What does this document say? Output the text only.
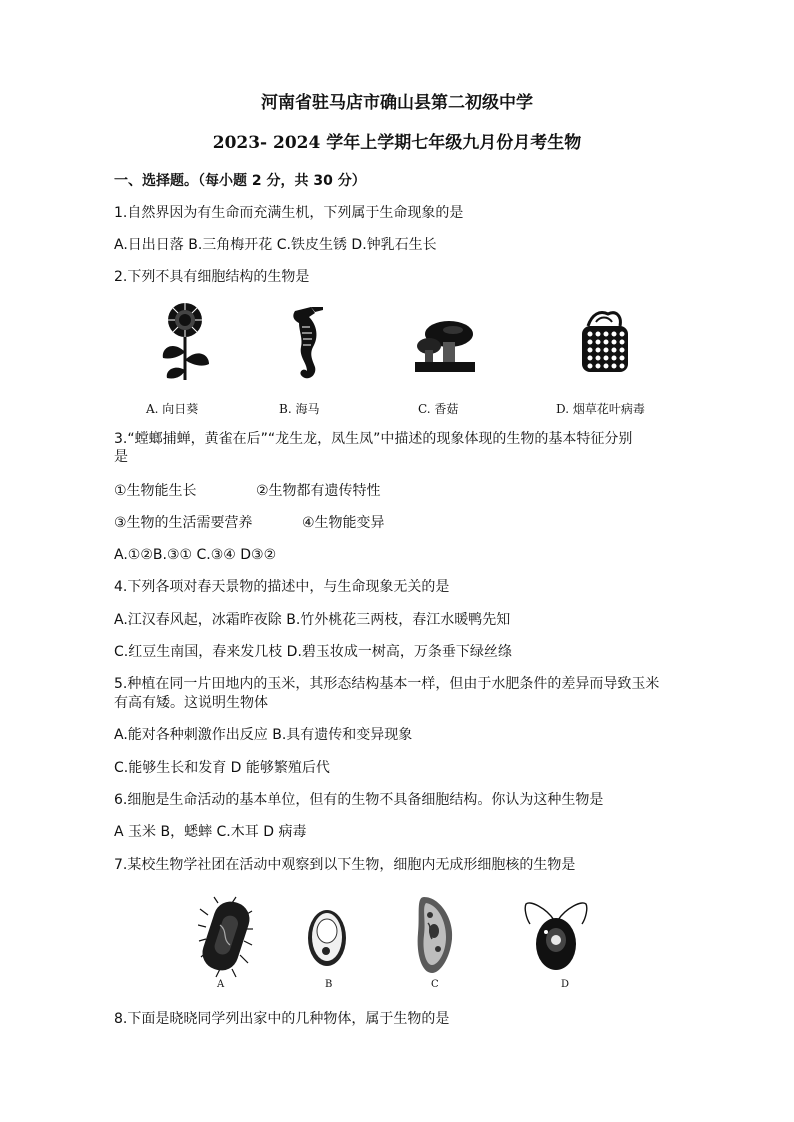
河南省驻马店市确山县第二初级中学
2023- 2024 学年上学期七年级九月份月考生物
一、选择题。（每小题 2 分，共 30 分）
1.自然界因为有生命而充满生机，下列属于生命现象的是
A.日出日落 B.三角梅开花 C.铁皮生锈 D.钟乳石生长
2.下列不具有细胞结构的生物是
A. 向日葵	B. 海马	C. 香菇	D. 烟草花叶病毒
3.“螳螂捕蝉，黄雀在后”“龙生龙，凤生凤”中描述的现象体现的生物的基本特征分别
是
①生物能生长	②生物都有遗传特性
③生物的生活需要营养	④生物能变异
A.①②B.③① C.③④ D③②
4.下列各项对春天景物的描述中，与生命现象无关的是
A.江汉春风起，冰霜昨夜除 B.竹外桃花三两枝，春江水暖鸭先知
C.红豆生南国，春来发几枝 D.碧玉妆成一树高，万条垂下绿丝绦
5.种植在同一片田地内的玉米，其形态结构基本一样，但由于水肥条件的差异而导致玉米
有高有矮。这说明生物体
A.能对各种刺激作出反应 B.具有遗传和变异现象
C.能够生长和发育 D 能够繁殖后代
6.细胞是生命活动的基本单位，但有的生物不具备细胞结构。你认为这种生物是
A 玉米 B，蟋蟀 C.木耳 D 病毒
7.某校生物学社团在活动中观察到以下生物，细胞内无成形细胞核的生物是
A	B	C	D
8.下面是晓晓同学列出家中的几种物体，属于生物的是
